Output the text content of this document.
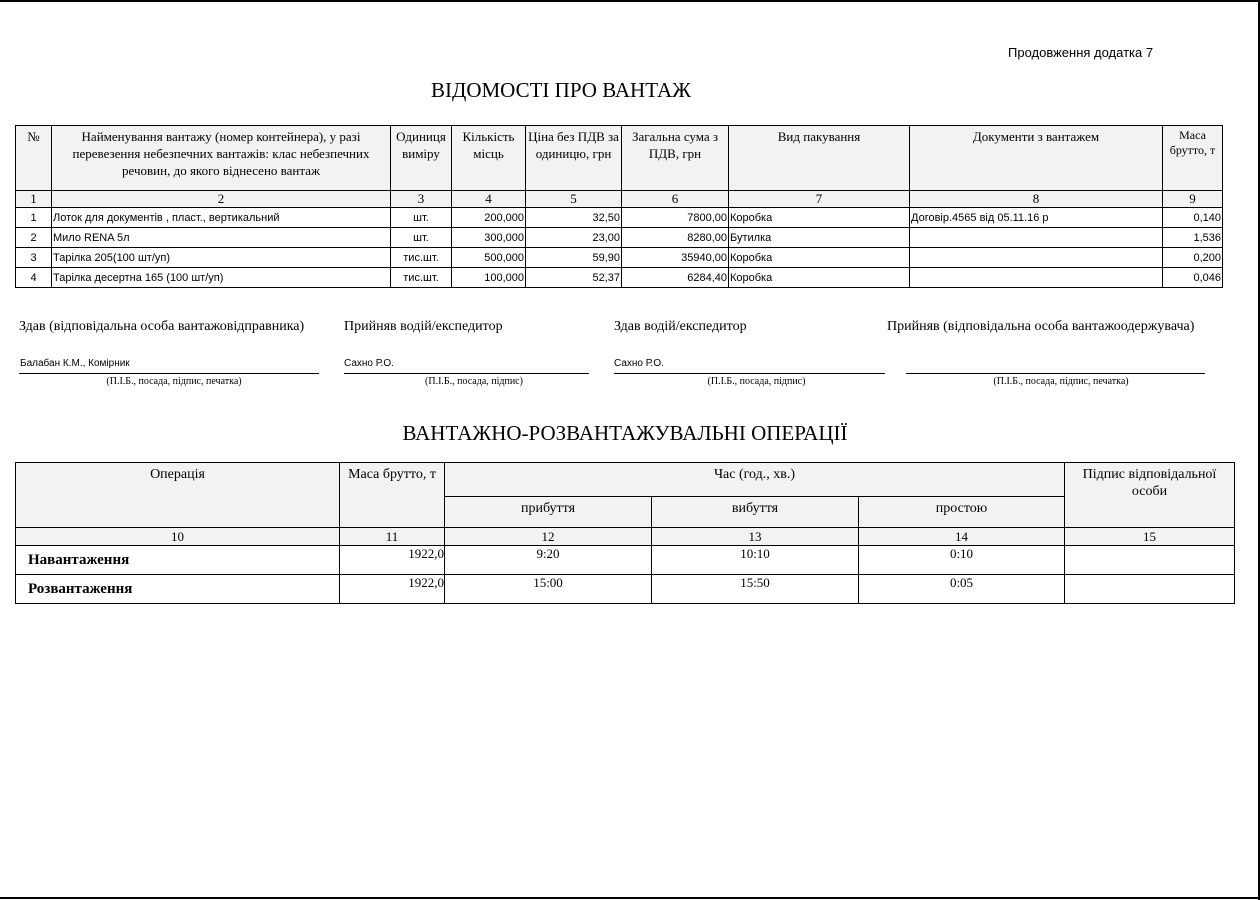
Продовження додатка 7
ВІДОМОСТІ ПРО ВАНТАЖ
№	Найменування вантажу (номер контейнера), у разі перевезення небезпечних вантажів: клас небезпечних речовин, до якого віднесено вантаж	Одиниця виміру	Кількість місць	Ціна без ПДВ за одиницю, грн	Загальна сума з ПДВ, грн	Вид пакування	Документи з вантажем	Маса брутто, т
1	2	3	4	5	6	7	8	9
1	Лоток для документів , пласт., вертикальний	шт.	200,000	32,50	7800,00	Коробка	Договір.4565 від 05.11.16 р	0,140
2	Мило RENA 5л	шт.	300,000	23,00	8280,00	Бутилка		1,536
3	Тарілка 205(100 шт/уп)	тис.шт.	500,000	59,90	35940,00	Коробка		0,200
4	Тарілка десертна 165 (100 шт/уп)	тис.шт.	100,000	52,37	6284,40	Коробка		0,046
Здав (відповідальна особа вантажовідправника)	Прийняв водій/експедитор	Здав водій/експедитор	Прийняв (відповідальна особа вантажоодержувача)
Балабан К.М., Комірник	Сахно Р.О.	Сахно Р.О.
(П.І.Б., посада, підпис, печатка)	(П.І.Б., посада, підпис)	(П.І.Б., посада, підпис)	(П.І.Б., посада, підпис, печатка)
ВАНТАЖНО-РОЗВАНТАЖУВАЛЬНІ ОПЕРАЦІЇ
Операція	Маса брутто, т	Час (год., хв.)			Підпис відповідальної особи
		прибуття	вибуття	простою	
10	11	12	13	14	15
Навантаження	1922,0	9:20	10:10	0:10	
Розвантаження	1922,0	15:00	15:50	0:05	
